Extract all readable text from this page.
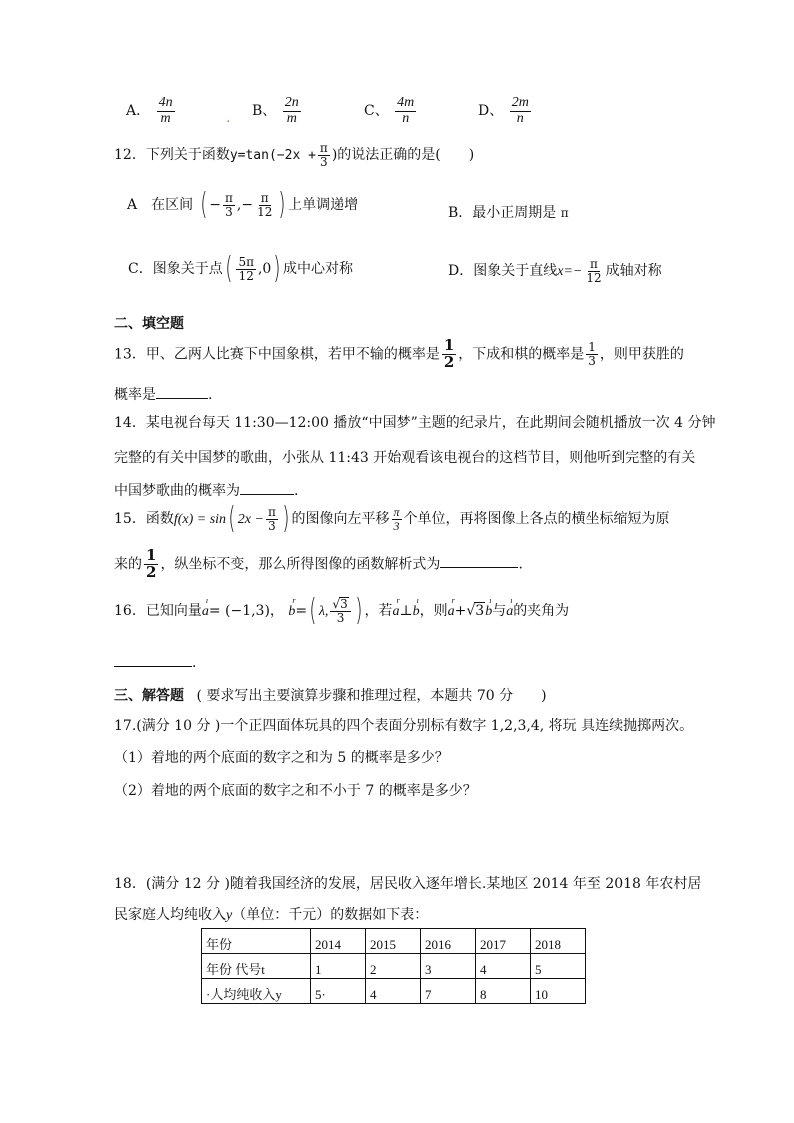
A． $\frac{4n}{m}$	. B、 $\frac{2n}{m}$	C、 $\frac{4m}{n}$	D、 $\frac{2m}{n}$
12．下列关于函数$y=\tan(-2x + \frac{\pi}{3}$ )的说法正确的是(　　)
A　在区间 ( − $\frac{\pi}{3}$ ,− $\frac{\pi}{12}$ ) 上单调递增	B．最小正周期是 π
C．图象关于点( $\frac{5\pi}{12} ,0$) 成中心对称	D．图象关于直线$x=- \frac{\pi}{12}$ 成轴对称
二、填空题
13．甲、乙两人比赛下中国象棋，若甲不输的概率是 $\frac{1}{2}$ ，下成和棋的概率是 $\frac{1}{3}$ ，则甲获胜的
概率是	.
14．某电视台每天 11:30—12:00 播放“中国梦”主题的纪录片，在此期间会随机播放一次 4 分钟
完整的有关中国梦的歌曲，小张从 11:43 开始观看该电视台的这档节目，则他听到完整的有关
中国梦歌曲的概率为	.
15．函数f(x) = sin( $2x - \frac{\pi}{3}$ ) 的图像向左平移 $\frac{\pi}{3}$ 个单位，再将图像上各点的横坐标缩短为原
来的 $\frac{1}{2}$ ，纵坐标不变，那么所得图像的函数解析式为	．
16．已知向量
ı
a= (−1,3)，
r
b=( λ, $\frac{√3}{3}$ ) ，若
r
a⊥
ı
b，则
r
a+√3
ı
b与
ı
a的夹角为
．
三、解答题 ( 要求写出主要演算步骤和推理过程，本题共 70 分　　)
17.(满分 10 分 )一个正四面体玩具的四个表面分别标有数字 1,2,3,4, 将玩 具连续抛掷两次。
（1）着地的两个底面的数字之和为 5 的概率是多少？
（2）着地的两个底面的数字之和不小于 7 的概率是多少？
18．(满分 12 分 )随着我国经济的发展，居民收入逐年增长.某地区 2014 年至 2018 年农村居
民家庭人均纯收入y（单位：千元）的数据如下表：
年份	2014	2015	2016	2017	2018
年份 代号t	1	2	3	4	5
·人均纯收入y	5·	4	7	8	10
